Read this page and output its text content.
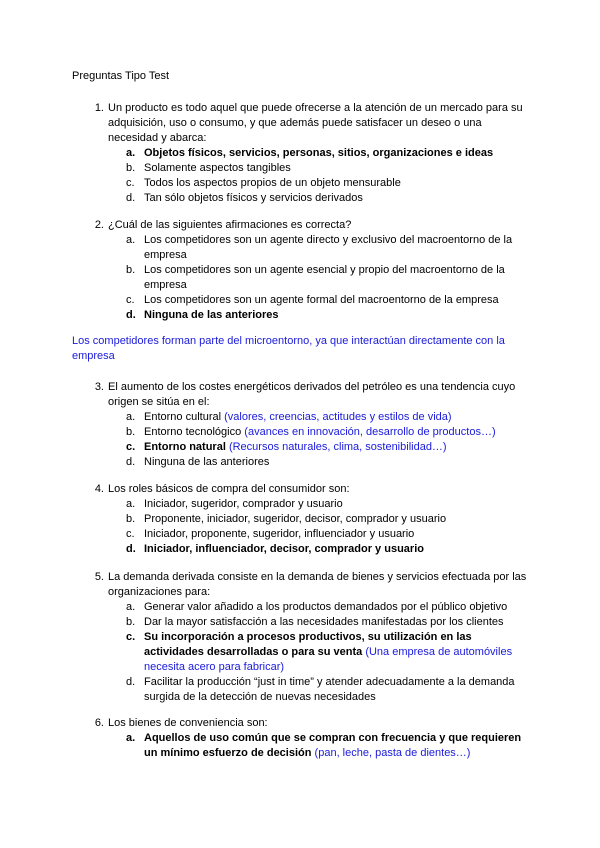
Preguntas Tipo Test
1. Un producto es todo aquel que puede ofrecerse a la atención de un mercado para su adquisición, uso o consumo, y que además puede satisfacer un deseo o una necesidad y abarca:
a. Objetos físicos, servicios, personas, sitios, organizaciones e ideas
b. Solamente aspectos tangibles
c. Todos los aspectos propios de un objeto mensurable
d. Tan sólo objetos físicos y servicios derivados
2. ¿Cuál de las siguientes afirmaciones es correcta?
a. Los competidores son un agente directo y exclusivo del macroentorno de la empresa
b. Los competidores son un agente esencial y propio del macroentorno de la empresa
c. Los competidores son un agente formal del macroentorno de la empresa
d. Ninguna de las anteriores
Los competidores forman parte del microentorno, ya que interactúan directamente con la empresa
3. El aumento de los costes energéticos derivados del petróleo es una tendencia cuyo origen se sitúa en el:
a. Entorno cultural (valores, creencias, actitudes y estilos de vida)
b. Entorno tecnológico (avances en innovación, desarrollo de productos…)
c. Entorno natural (Recursos naturales, clima, sostenibilidad…)
d. Ninguna de las anteriores
4. Los roles básicos de compra del consumidor son:
a. Iniciador, sugeridor, comprador y usuario
b. Proponente, iniciador, sugeridor, decisor, comprador y usuario
c. Iniciador, proponente, sugeridor, influenciador y usuario
d. Iniciador, influenciador, decisor, comprador y usuario
5. La demanda derivada consiste en la demanda de bienes y servicios efectuada por las organizaciones para:
a. Generar valor añadido a los productos demandados por el público objetivo
b. Dar la mayor satisfacción a las necesidades manifestadas por los clientes
c. Su incorporación a procesos productivos, su utilización en las actividades desarrolladas o para su venta (Una empresa de automóviles necesita acero para fabricar)
d. Facilitar la producción “just in time” y atender adecuadamente a la demanda surgida de la detección de nuevas necesidades
6. Los bienes de conveniencia son:
a. Aquellos de uso común que se compran con frecuencia y que requieren un mínimo esfuerzo de decisión (pan, leche, pasta de dientes…)
